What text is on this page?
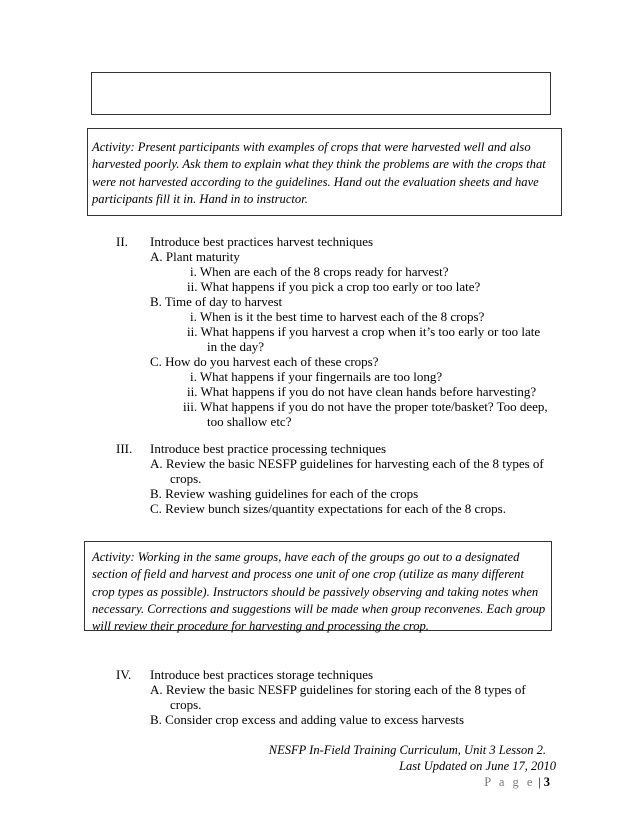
Activity: Present participants with examples of crops that were harvested well and also harvested poorly. Ask them to explain what they think the problems are with the crops that were not harvested according to the guidelines. Hand out the evaluation sheets and have participants fill it in. Hand in to instructor.

II. Introduce best practices harvest techniques
A. Plant maturity
i. When are each of the 8 crops ready for harvest?
ii. What happens if you pick a crop too early or too late?
B. Time of day to harvest
i. When is it the best time to harvest each of the 8 crops?
ii. What happens if you harvest a crop when it’s too early or too late
in the day?
C. How do you harvest each of these crops?
i. What happens if your fingernails are too long?
ii. What happens if you do not have clean hands before harvesting?
iii. What happens if you do not have the proper tote/basket? Too deep,
too shallow etc?
III. Introduce best practice processing techniques
A. Review the basic NESFP guidelines for harvesting each of the 8 types of
crops.
B. Review washing guidelines for each of the crops
C. Review bunch sizes/quantity expectations for each of the 8 crops.

Activity: Working in the same groups, have each of the groups go out to a designated section of field and harvest and process one unit of one crop (utilize as many different crop types as possible). Instructors should be passively observing and taking notes when necessary. Corrections and suggestions will be made when group reconvenes. Each group will review their procedure for harvesting and processing the crop.

IV. Introduce best practices storage techniques
A. Review the basic NESFP guidelines for storing each of the 8 types of
crops.
B. Consider crop excess and adding value to excess harvests
NESFP In-Field Training Curriculum, Unit 3 Lesson 2.
Last Updated on June 17, 2010
P a g e | 3
